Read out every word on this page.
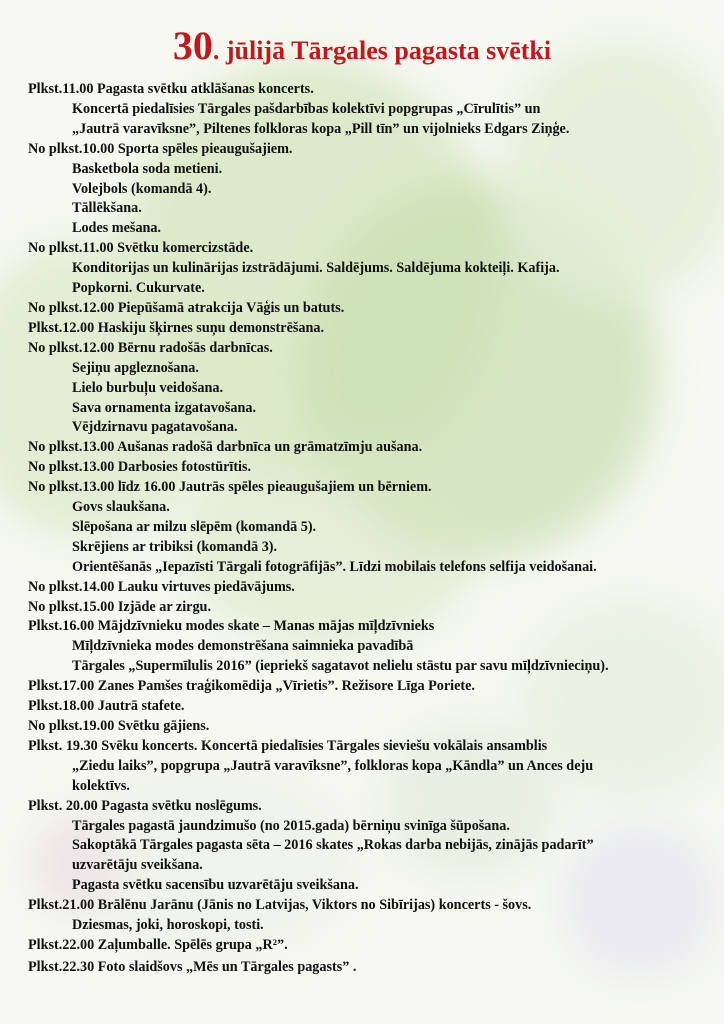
30. jūlijā Tārgales pagasta svētki
Plkst.11.00 Pagasta svētku atklāšanas koncerts.
Koncertā piedalīsies Tārgales pašdarbības kolektīvi popgrupas „Cīrulītis” un
„Jautrā varavīksne”, Piltenes folkloras kopa „Pill tīn” un vijolnieks Edgars Ziņģe.
No plkst.10.00 Sporta spēles pieaugušajiem.
Basketbola soda metieni.
Volejbols (komandā 4).
Tāllēkšana.
Lodes mešana.
No plkst.11.00 Svētku komercizstāde.
Konditorijas un kulinārijas izstrādājumi. Saldējums. Saldējuma kokteiļi. Kafija.
Popkorni. Cukurvate.
No plkst.12.00 Piepūšamā atrakcija Vāģis un batuts.
Plkst.12.00 Haskiju šķirnes suņu demonstrēšana.
No plkst.12.00 Bērnu radošās darbnīcas.
Sejiņu apgleznošana.
Lielo burbuļu veidošana.
Sava ornamenta izgatavošana.
Vējdzirnavu pagatavošana.
No plkst.13.00 Aušanas radošā darbnīca un grāmatzīmju aušana.
No plkst.13.00 Darbosies fotostūrītis.
No plkst.13.00 līdz 16.00 Jautrās spēles pieaugušajiem un bērniem.
Govs slaukšana.
Slēpošana ar milzu slēpēm (komandā 5).
Skrējiens ar tribiksi (komandā 3).
Orientēšanās „Iepazīsti Tārgali fotogrāfijās”. Līdzi mobilais telefons selfija veidošanai.
No plkst.14.00 Lauku virtuves piedāvājums.
No plkst.15.00 Izjāde ar zirgu.
Plkst.16.00 Mājdzīvnieku modes skate – Manas mājas mīļdzīvnieks
Mīļdzīvnieka modes demonstrēšana saimnieka pavadībā
Tārgales „Supermīlulis 2016” (iepriekš sagatavot nelielu stāstu par savu mīļdzīvnieciņu).
Plkst.17.00 Zanes Pamšes traģikomēdija „Vīrietis”. Režisore Līga Poriete.
Plkst.18.00 Jautrā stafete.
No plkst.19.00 Svētku gājiens.
Plkst. 19.30 Svēku koncerts. Koncertā piedalīsies Tārgales sieviešu vokālais ansamblis
„Ziedu laiks”, popgrupa „Jautrā varavīksne”, folkloras kopa „Kāndla” un Ances deju
kolektīvs.
Plkst. 20.00 Pagasta svētku noslēgums.
Tārgales pagastā jaundzimušo (no 2015.gada) bērniņu svinīga šūpošana.
Sakoptākā Tārgales pagasta sēta – 2016 skates „Rokas darba nebijās, zinājās padarīt”
uzvarētāju sveikšana.
Pagasta svētku sacensību uzvarētāju sveikšana.
Plkst.21.00 Brālēnu Jarānu (Jānis no Latvijas, Viktors no Sibīrijas) koncerts - šovs.
Dziesmas, joki, horoskopi, tosti.
Plkst.22.00 Zaļumballe. Spēlēs grupa „R²”.
Plkst.22.30 Foto slaidšovs „Mēs un Tārgales pagasts” .
